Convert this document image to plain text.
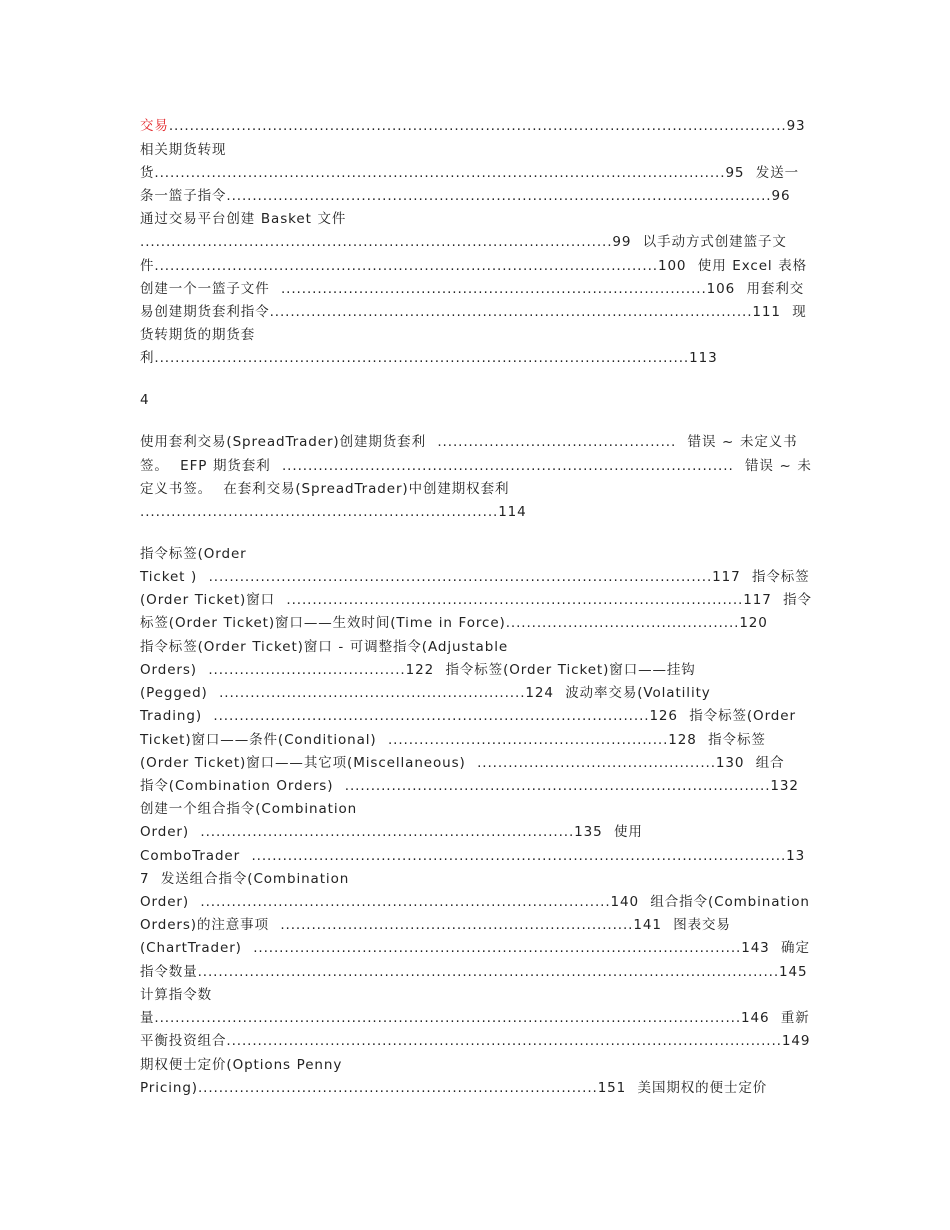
交易.......................................................................................................................93
相关期货转现
货..............................................................................................................95  发送一
条一篮子指令.........................................................................................................96
通过交易平台创建 Basket 文件
...........................................................................................99  以手动方式创建篮子文
件.................................................................................................100  使用 Excel 表格
创建一个一篮子文件  ..................................................................................106  用套利交
易创建期货套利指令.............................................................................................111  现
货转期货的期货套
利.......................................................................................................113
4
使用套利交易(SpreadTrader)创建期货套利  ..............................................  错误 ~ 未定义书
签。  EFP 期货套利  .......................................................................................  错误 ~ 未
定义书签。  在套利交易(SpreadTrader)中创建期权套利
.....................................................................114
指令标签(Order
Ticket )  .................................................................................................117  指令标签
(Order Ticket)窗口  ........................................................................................117  指令
标签(Order Ticket)窗口——生效时间(Time in Force).............................................120
指令标签(Order Ticket)窗口 - 可调整指令(Adjustable
Orders)  ......................................122  指令标签(Order Ticket)窗口——挂钩
(Pegged)  ...........................................................124  波动率交易(Volatility
Trading)  ....................................................................................126  指令标签(Order
Ticket)窗口——条件(Conditional)  ......................................................128  指令标签
(Order Ticket)窗口——其它项(Miscellaneous)  ..............................................130  组合
指令(Combination Orders)  ..................................................................................132
创建一个组合指令(Combination
Order)  ........................................................................135  使用
ComboTrader  .......................................................................................................13
7  发送组合指令(Combination
Order)  ...............................................................................140  组合指令(Combination
Orders)的注意事项  ....................................................................141  图表交易
(ChartTrader)  ..............................................................................................143  确定
指令数量................................................................................................................145
计算指令数
量.................................................................................................................146  重新
平衡投资组合...........................................................................................................149
期权便士定价(Options Penny
Pricing).............................................................................151  美国期权的便士定价
